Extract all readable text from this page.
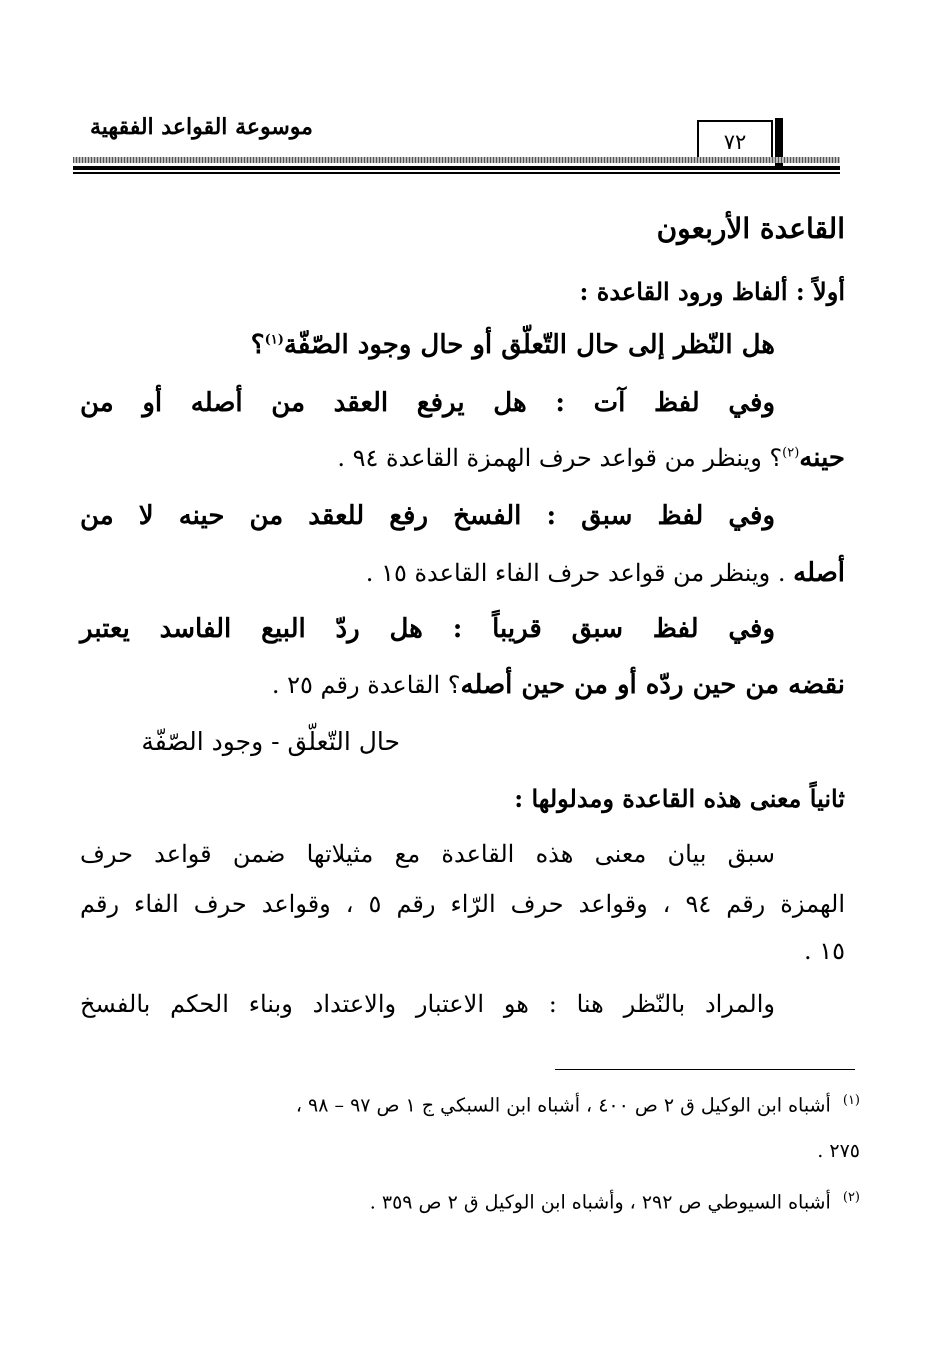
موسوعة القواعد الفقهية
٧٢
القاعدة الأربعون
أولاً : ألفاظ ورود القاعدة :
هل النّظر إلى حال التّعلّق أو حال وجود الصّفّة$^{(١)}$؟
وفي لفظ آت : هل يرفع العقد من أصله أو من
حينه$^{(٢)}$؟ وينظر من قواعد حرف الهمزة القاعدة ٩٤ .
وفي لفظ سبق : الفسخ رفع للعقد من حينه لا من
أصله . وينظر من قواعد حرف الفاء القاعدة ١٥ .
وفي لفظ سبق قريباً : هل ردّ البيع الفاسد يعتبر
نقضه من حين ردّه أو من حين أصله؟ القاعدة رقم ٢٥ .
حال التّعلّق - وجود الصّفّة
ثانياً معنى هذه القاعدة ومدلولها :
سبق بيان معنى هذه القاعدة مع مثيلاتها ضمن قواعد حرف
الهمزة رقم ٩٤ ، وقواعد حرف الرّاء رقم ٥ ، وقواعد حرف الفاء رقم
١٥ .
والمراد بالنّظر هنا : هو الاعتبار والاعتداد وبناء الحكم بالفسخ
$^{(١)}$  أشباه ابن الوكيل ق ٢ ص ٤٠٠ ، أشباه ابن السبكي ج ١ ص ٩٧ – ٩٨ ،
٢٧٥ .
$^{(٢)}$  أشباه السيوطي ص ٢٩٢ ، وأشباه ابن الوكيل ق ٢ ص ٣٥٩ .
